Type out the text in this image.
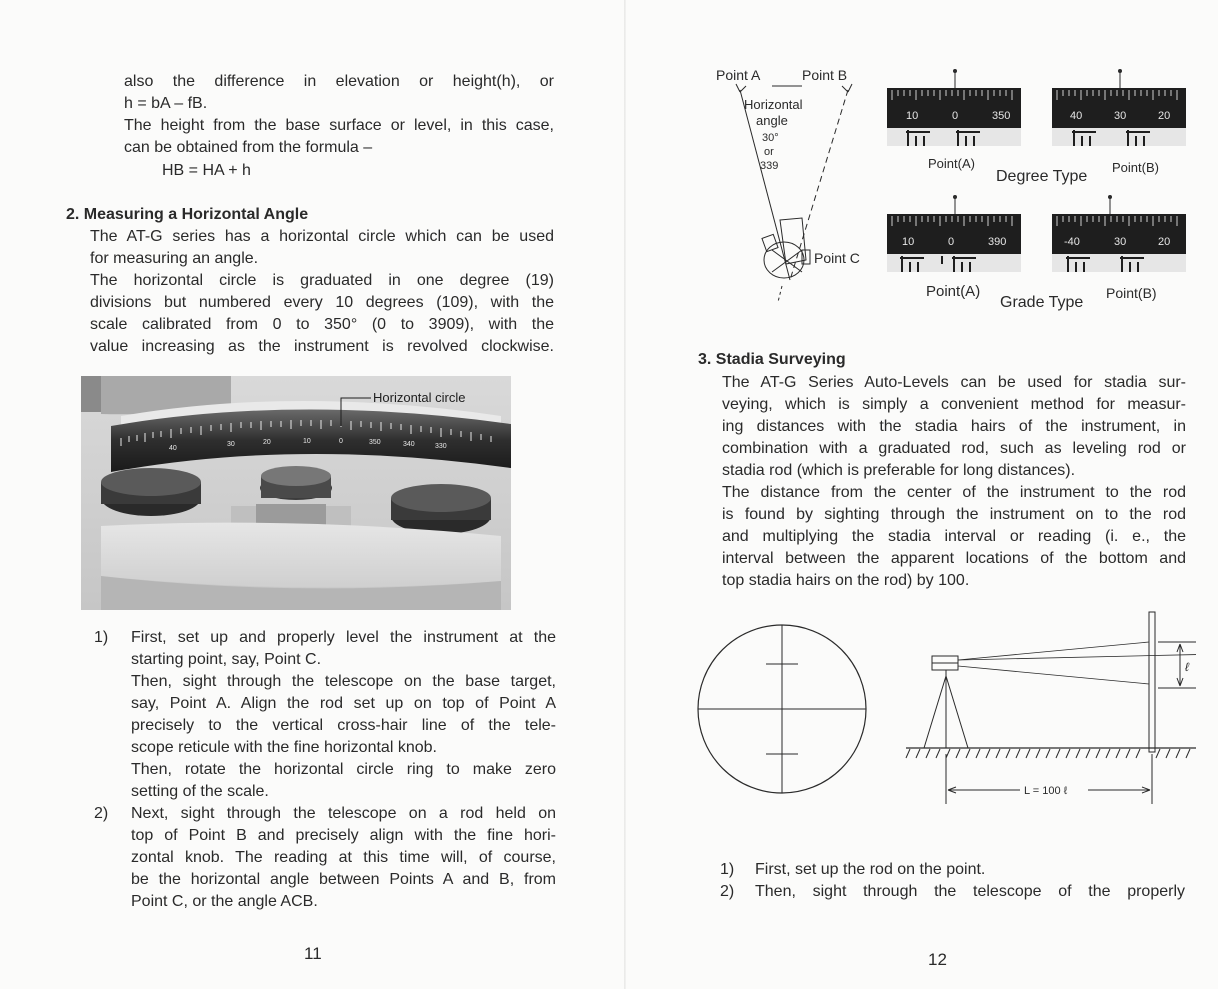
also the difference in elevation or height(h), or
h = bA – fB.
The height from the base surface or level, in this case,
can be obtained from the formula –
HB = HA + h
2. Measuring a Horizontal Angle
The AT-G series has a horizontal circle which can be used
for measuring an angle.
The horizontal circle is graduated in one degree (19)
divisions but numbered every 10 degrees (109), with the
scale calibrated from 0 to 350° (0 to 3909), with the
value increasing as the instrument is revolved clockwise.
40
30	20	10	0	350	340	330
Horizontal circle
1) First, set up and properly level the instrument at the
starting point, say, Point C.
Then, sight through the telescope on the base target,
say, Point A. Align the rod set up on top of Point A
precisely to the vertical cross-hair line of the tele-
scope reticule with the fine horizontal knob.
Then, rotate the horizontal circle ring to make zero
setting of the scale.
2) Next, sight through the telescope on a rod held on
top of Point B and precisely align with the fine hori-
zontal knob. The reading at this time will, of course,
be the horizontal angle between Points A and B, from
Point C, or the angle ACB.
11
Point A	Point B
Horizontal
angle
30°
or
339
Point C
10	0	350	40	30	20
Point(A)
Degree Type
Point(B)
10	0	390	-40	30	20
Point(A)
Grade Type
Point(B)
3. Stadia Surveying
The AT-G Series Auto-Levels can be used for stadia sur-
veying, which is simply a convenient method for measur-
ing distances with the stadia hairs of the instrument, in
combination with a graduated rod, such as leveling rod or
stadia rod (which is preferable for long distances).
The distance from the center of the instrument to the rod
is found by sighting through the instrument on to the rod
and multiplying the stadia interval or reading (i. e., the
interval between the apparent locations of the bottom and
top stadia hairs on the rod) by 100.
ℓ
L = 100 ℓ
1) First, set up the rod on the point.
2) Then, sight through the telescope of the properly
12
